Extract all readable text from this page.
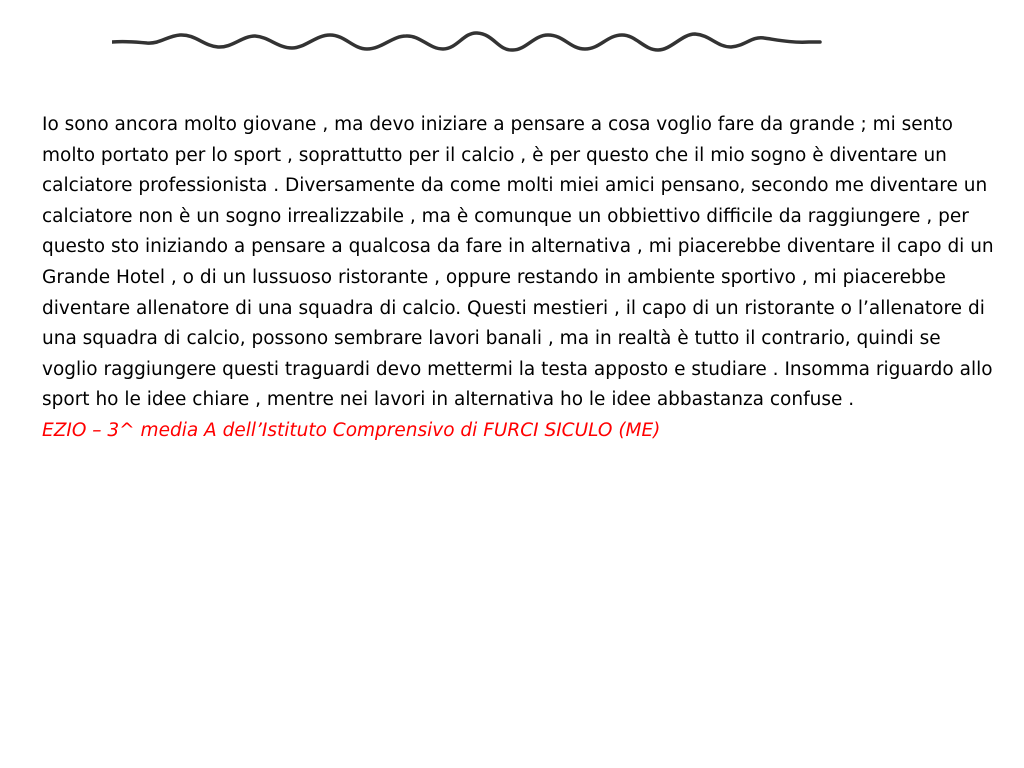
Io sono ancora molto giovane , ma devo iniziare a pensare a cosa voglio fare da grande ; mi sento molto portato per lo sport , soprattutto per il calcio , è per questo che il mio sogno è diventare un calciatore professionista . Diversamente da come molti miei amici pensano, secondo me diventare un calciatore non è un sogno irrealizzabile , ma è comunque un obbiettivo difficile da raggiungere , per questo sto iniziando a pensare a qualcosa da fare in alternativa , mi piacerebbe diventare il capo di un Grande Hotel , o di un lussuoso ristorante , oppure restando in ambiente sportivo , mi piacerebbe diventare allenatore di una squadra di calcio. Questi mestieri , il capo di un ristorante o l’allenatore di una squadra di calcio, possono sembrare lavori banali , ma in realtà è tutto il contrario, quindi se voglio raggiungere questi traguardi devo mettermi la testa apposto e studiare . Insomma riguardo allo sport ho le idee chiare , mentre nei lavori in alternativa ho le idee abbastanza confuse .

EZIO – 3^ media A dell’Istituto Comprensivo di FURCI SICULO (ME)
